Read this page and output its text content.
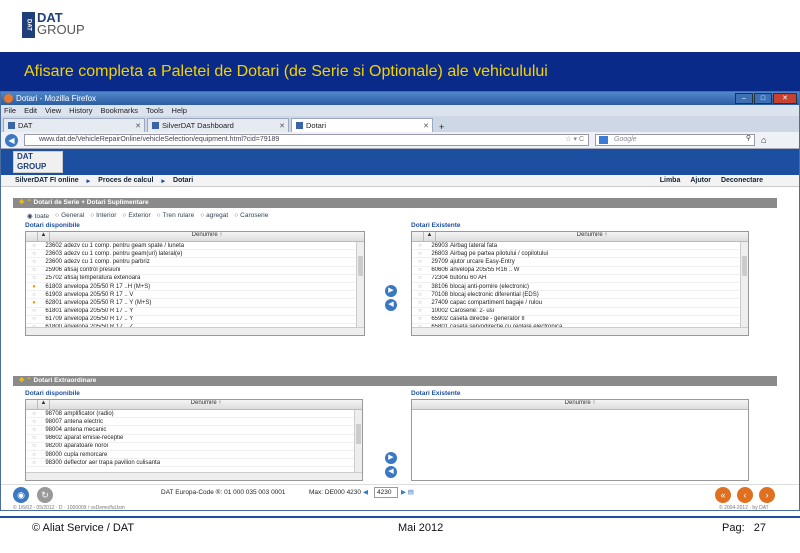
DAT DAT
GROUP
Afisare completa a Paletei de Dotari (de Serie si Optionale) ale vehiculului
Dotari - Mozilla Firefox	–	□	✕
File Edit View History Bookmarks Tools Help
DAT	✕	SilverDAT Dashboard	✕	Dotari	✕	+
◀	www.dat.de/VehicleRepairOnline/vehicleSelection/equipment.html?cid=79189	☆ ▾ C	Google	⚲ ⌂
DAT
GROUP
SilverDAT FI online ▸ Proces de calcul ▸ Dotari	Limba Ajutor Deconectare
✥ ⌃ Dotari de Serie + Dotari Suplimentare
◉ toate	○ General	○ Interior	○ Exterior	○ Tren rulare	○ agregat	○ Caroserie
Dotari disponibile	Dotari Existente
▲	Denumire ↑
○	23602 adezv cu 1 comp. pentru geam spate / luneta
○	23603 adezv cu 1 comp. pentru geam(uri) lateral(e)
○	23600 adezv cu 1 comp. pentru parbriz
○	25906 afisaj control presiuni
○	25702 afisaj temperatura exterioara
●	61803 anvelopa 205/50 R 17 ..H (M+S)
○	61903 anvelopa 205/50 R 17 .. V
●	62801 anvelopa 205/50 R 17 .. Y (M+S)
○	61801 anvelopa 205/50 R 17 .. Y
○	61709 anvelopa 205/50 R 17 .. Y
▲	Denumire ↑
○	26903 Airbag lateral fata
○	26803 Airbag pe partea pilotului / copilotului
○	29709 ajutor urcare Easy-Entry
○	60606 anvelopa 205/55 R16 .. W
○	72304 butonu 60 AH
○	38106 blocaj anti-pornire (electronic)
○	70108 blocaj electronic diferential (EDS)
○	27409 capac compartiment bagaje / rulou
○	10002 Caroserie: 2- usi
○	65902 caseta directie - generator II
▶
◀
✥ ⌃ Dotari Extraordinare
Dotari disponibile	Dotari Existente
▲	Denumire ↑
○	98708 amplificator (radio)
○	98007 antena electric
○	98004 antena mecanic
○	98602 aparat emisie-receptie
○	98200 aparatoare noroi
○	98000 cupla remorcare
○	98300 deflector aer trapa pavilion culisanta
Denumire ↑
▶
◀
◉	↻	DAT Europa-Code ®: 01 000 035 003 0001	Max: DE000 4230 ◀	4230	▶ ▤
© 1/6/02 - 05/2012 · D · 1000009 / vsDemo/fuUsm	© 2004-2012 · by DAT
«	‹	›
© Aliat Service / DAT	Mai 2012	Pag:   27
